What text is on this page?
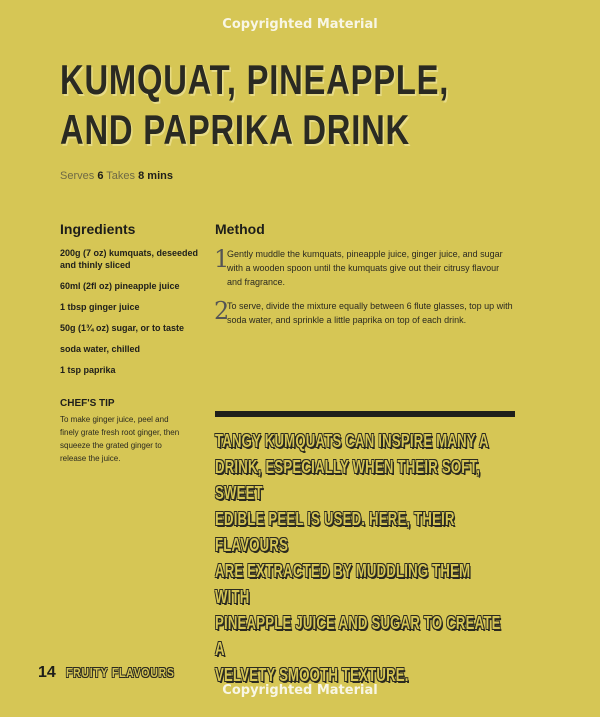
Copyrighted Material
KUMQUAT, PINEAPPLE,
AND PAPRIKA DRINK
Serves 6 Takes 8 mins
Ingredients
200g (7 oz) kumquats, deseeded and thinly sliced
60ml (2fl oz) pineapple juice
1 tbsp ginger juice
50g (1¾ oz) sugar, or to taste
soda water, chilled
1 tsp paprika
CHEF'S TIP
To make ginger juice, peel and finely grate fresh root ginger, then squeeze the grated ginger to release the juice.
Method
1
Gently muddle the kumquats, pineapple juice, ginger juice, and sugar with a wooden spoon until the kumquats give out their citrusy flavour and fragrance.
2
To serve, divide the mixture equally between 6 flute glasses, top up with soda water, and sprinkle a little paprika on top of each drink.
TANGY KUMQUATS CAN INSPIRE MANY A
DRINK, ESPECIALLY WHEN THEIR SOFT, SWEET
EDIBLE PEEL IS USED. HERE, THEIR FLAVOURS
ARE EXTRACTED BY MUDDLING THEM WITH
PINEAPPLE JUICE AND SUGAR TO CREATE A
VELVETY SMOOTH TEXTURE.
14 FRUITY FLAVOURS
Copyrighted Material
